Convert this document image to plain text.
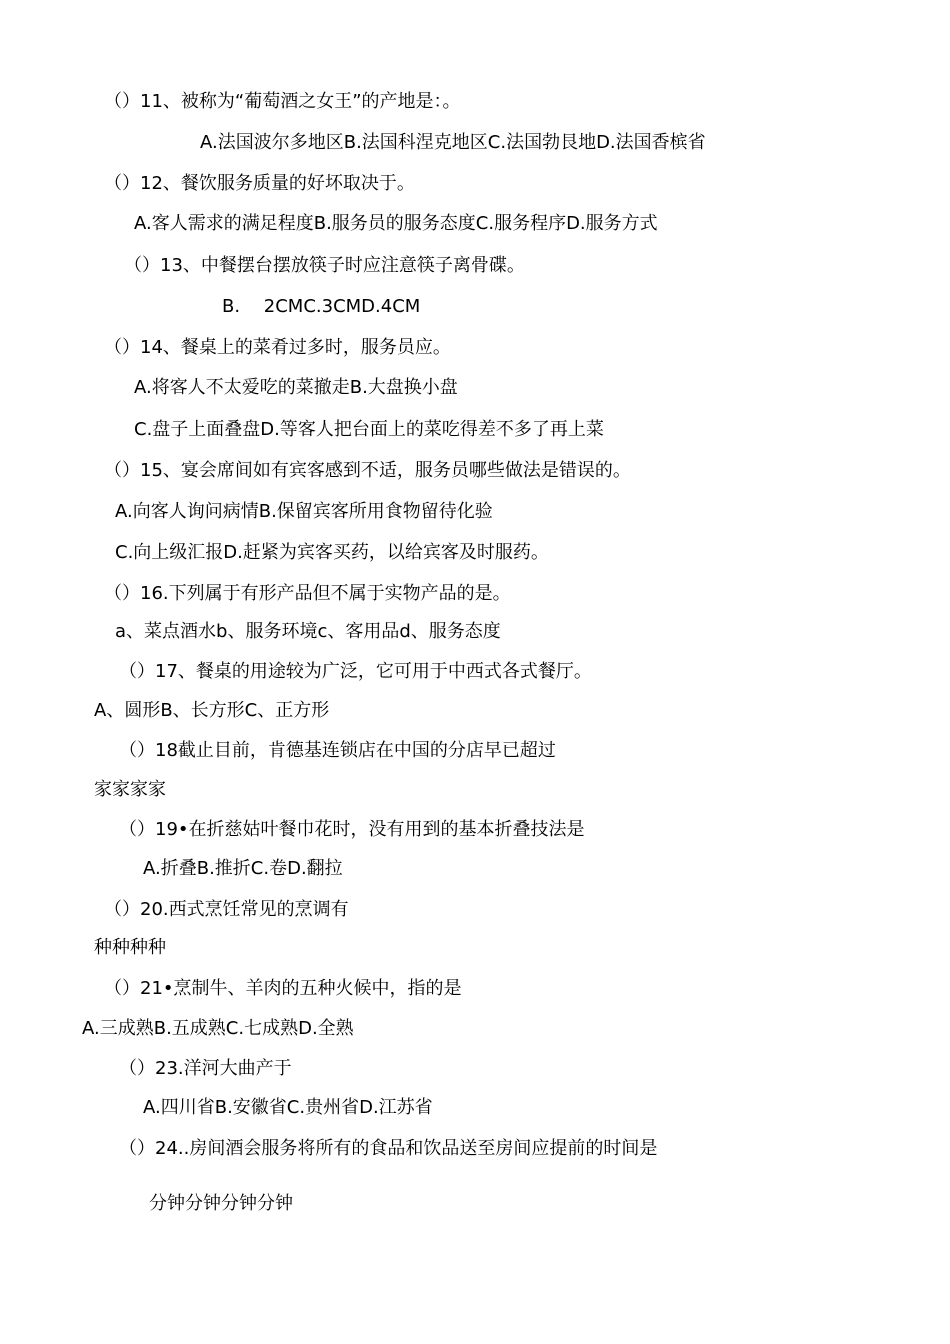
（）11、被称为“葡萄酒之女王”的产地是：。
A.法国波尔多地区B.法国科涅克地区C.法国勃艮地D.法国香槟省
（）12、餐饮服务质量的好坏取决于。
A.客人需求的满足程度B.服务员的服务态度C.服务程序D.服务方式
（）13、中餐摆台摆放筷子时应注意筷子离骨碟。
B.　 2CMC.3CMD.4CM
（）14、餐桌上的菜肴过多时，服务员应。
A.将客人不太爱吃的菜撤走B.大盘换小盘
C.盘子上面叠盘D.等客人把台面上的菜吃得差不多了再上菜
（）15、宴会席间如有宾客感到不适，服务员哪些做法是错误的。
A.向客人询问病情B.保留宾客所用食物留待化验
C.向上级汇报D.赶紧为宾客买药，以给宾客及时服药。
（）16.下列属于有形产品但不属于实物产品的是。
a、菜点酒水b、服务环境c、客用品d、服务态度
（）17、餐桌的用途较为广泛，它可用于中西式各式餐厅。
A、圆形B、长方形C、正方形
（）18截止目前，肯德基连锁店在中国的分店早已超过
家家家家
（）19•在折慈姑叶餐巾花时，没有用到的基本折叠技法是
A.折叠B.推折C.卷D.翻拉
（）20.西式烹饪常见的烹调有
种种种种
（）21•烹制牛、羊肉的五种火候中，指的是
A.三成熟B.五成熟C.七成熟D.全熟
（）23.洋河大曲产于
A.四川省B.安徽省C.贵州省D.江苏省
（）24..房间酒会服务将所有的食品和饮品送至房间应提前的时间是
分钟分钟分钟分钟
